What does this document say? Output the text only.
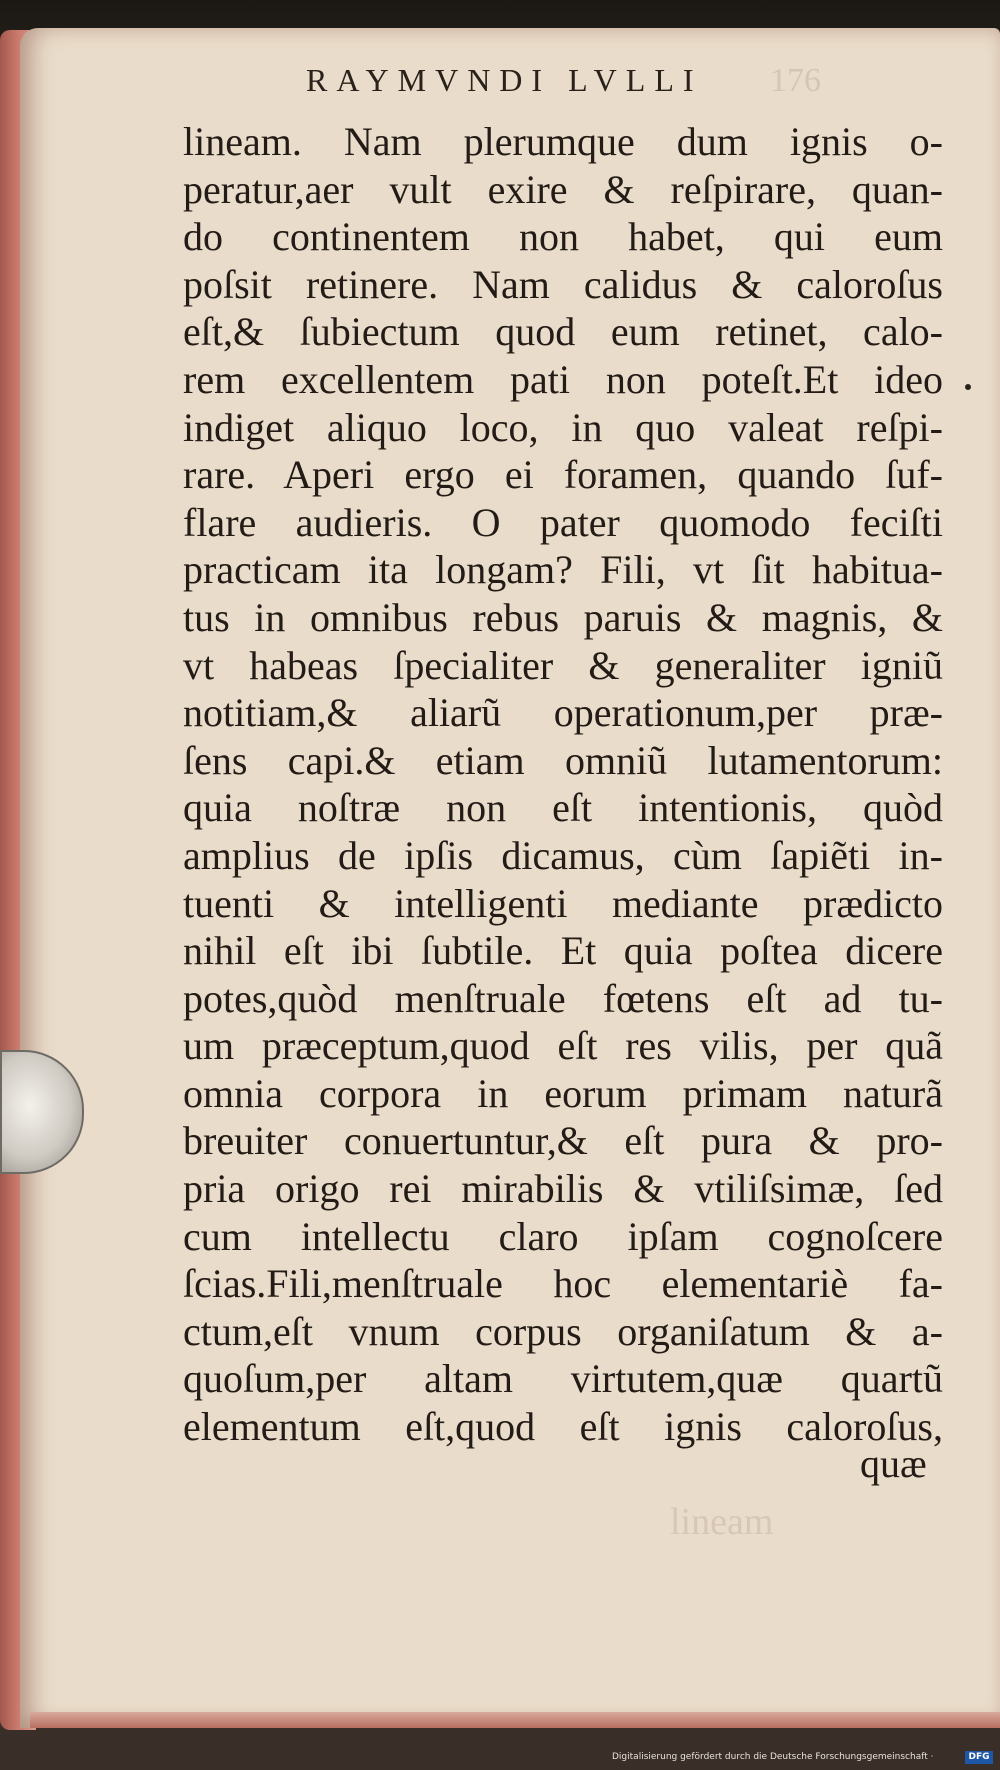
176
RAYMVNDI LVLLI
lineam. Nam plerumque dum ignis o-
peratur,aer vult exire & reſpirare, quan-
do continentem non habet, qui eum
poſsit retinere. Nam calidus & caloroſus
eſt,& ſubiectum quod eum retinet, calo-
rem excellentem pati non poteſt.Et ideo
indiget aliquo loco, in quo valeat reſpi-
rare. Aperi ergo ei foramen, quando ſuf-
flare audieris. O pater quomodo feciſti
practicam ita longam? Fili, vt ſit habitua-
tus in omnibus rebus paruis & magnis, &
vt habeas ſpecialiter & generaliter igniũ
notitiam,& aliarũ operationum,per præ-
ſens capi.& etiam omniũ lutamentorum:
quia noſtræ non eſt intentionis, quòd
amplius de ipſis dicamus, cùm ſapiẽti in-
tuenti & intelligenti mediante prædicto
nihil eſt ibi ſubtile. Et quia poſtea dicere
potes,quòd menſtruale fœtens eſt ad tu-
um præceptum,quod eſt res vilis, per quã
omnia corpora in eorum primam naturã
breuiter conuertuntur,& eſt pura & pro-
pria origo rei mirabilis & vtiliſsimæ, ſed
cum intellectu claro ipſam cognoſcere
ſcias.Fili,menſtruale hoc elementariè fa-
ctum,eſt vnum corpus organiſatum & a-
quoſum,per altam virtutem,quæ quartũ
elementum eſt,quod eſt ignis caloroſus,
quæ
lineam
Digitalisierung gefördert durch die Deutsche Forschungsgemeinschaft ·	DFG
